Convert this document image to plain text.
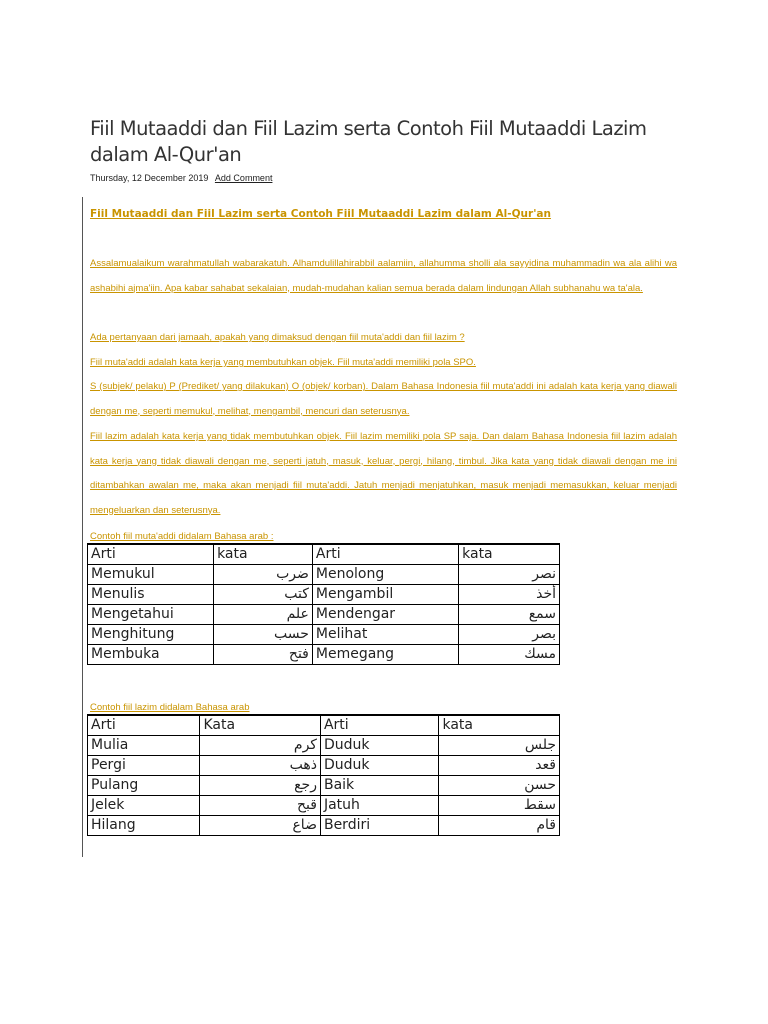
Fiil Mutaaddi dan Fiil Lazim serta Contoh Fiil Mutaaddi Lazim dalam Al-Qur'an
Thursday, 12 December 2019 Add Comment
Fiil Mutaaddi dan Fiil Lazim serta Contoh Fiil Mutaaddi Lazim dalam Al-Qur'an
Assalamualaikum warahmatullah wabarakatuh. Alhamdulillahirabbil aalamiin, allahumma sholli ala sayyidina muhammadin wa ala alihi wa ashabihi ajma'iin. Apa kabar sahabat sekalaian, mudah-mudahan kalian semua berada dalam lindungan Allah subhanahu wa ta'ala.
Ada pertanyaan dari jamaah, apakah yang dimaksud dengan fiil muta'addi dan fiil lazim ?
Fiil muta'addi adalah kata kerja yang membutuhkan objek. Fiil muta'addi memiliki pola SPO.
S (subjek/ pelaku) P (Prediket/ yang dilakukan) O (objek/ korban). Dalam Bahasa Indonesia fiil muta'addi ini adalah kata kerja yang diawali dengan me, seperti memukul, melihat, mengambil, mencuri dan seterusnya.
Fiil lazim adalah kata kerja yang tidak membutuhkan objek. Fiil lazim memiliki pola SP saja. Dan dalam Bahasa Indonesia fiil lazim adalah kata kerja yang tidak diawali dengan me, seperti jatuh, masuk, keluar, pergi, hilang, timbul. Jika kata yang tidak diawali dengan me ini ditambahkan awalan me, maka akan menjadi fiil muta'addi. Jatuh menjadi menjatuhkan, masuk menjadi memasukkan, keluar menjadi mengeluarkan dan seterusnya.
Contoh fiil muta'addi didalam Bahasa arab :
Arti	kata	Arti	kata
Memukul	ضرب	Menolong	نصر
Menulis	كتب	Mengambil	أخذ
Mengetahui	علم	Mendengar	سمع
Menghitung	حسب	Melihat	بصر
Membuka	فتح	Memegang	مسك
Contoh fiil lazim didalam Bahasa arab
Arti	Kata	Arti	kata
Mulia	كرم	Duduk	جلس
Pergi	ذهب	Duduk	قعد
Pulang	رجع	Baik	حسن
Jelek	قبح	Jatuh	سقط
Hilang	ضاع	Berdiri	قام
